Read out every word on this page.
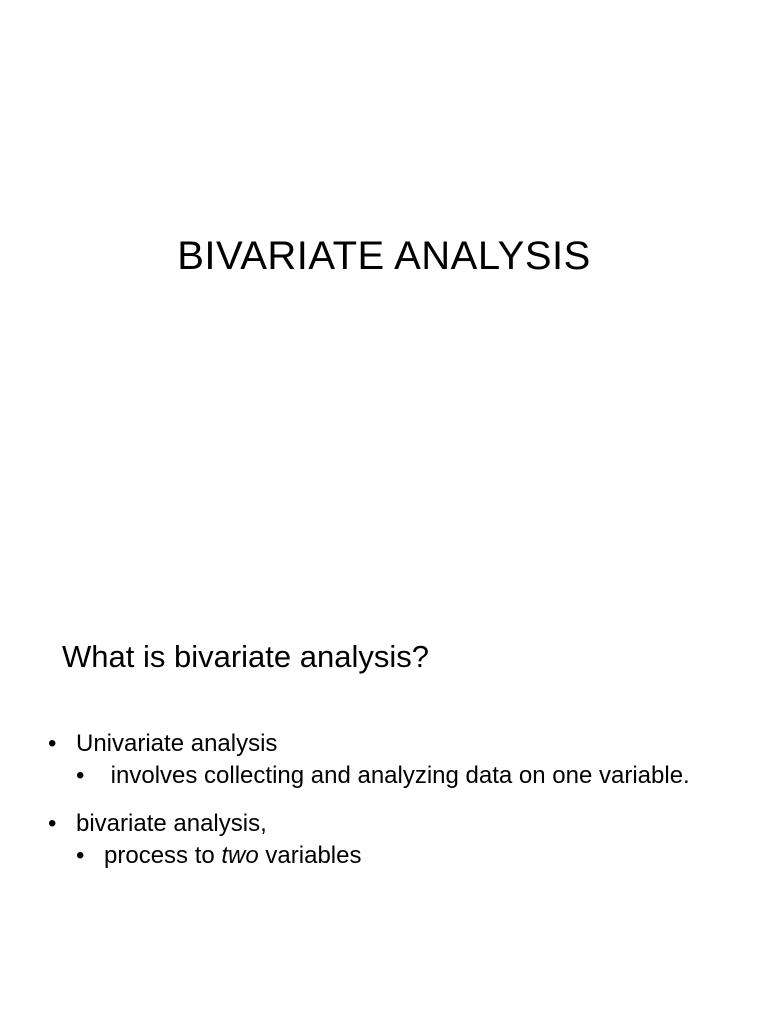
BIVARIATE ANALYSIS
What is bivariate analysis?
• Univariate analysis
• involves collecting and analyzing data on one variable.
• bivariate analysis,
• process to two variables
